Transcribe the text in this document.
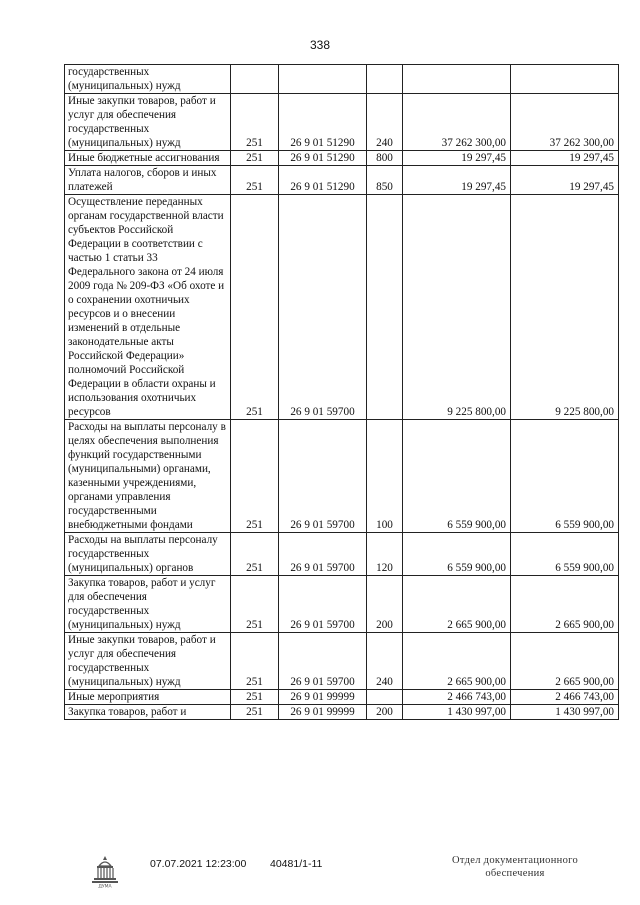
338
государственных
(муниципальных) нужд					
Иные закупки товаров, работ и услуг для обеспечения государственных (муниципальных) нужд	251	26 9 01 51290	240	37 262 300,00	37 262 300,00
Иные бюджетные ассигнования	251	26 9 01 51290	800	19 297,45	19 297,45
Уплата налогов, сборов и иных платежей	251	26 9 01 51290	850	19 297,45	19 297,45
Осуществление переданных органам государственной власти субъектов Российской Федерации в соответствии с частью 1 статьи 33 Федерального закона от 24 июля 2009 года № 209-ФЗ «Об охоте и о сохранении охотничьих ресурсов и о внесении изменений в отдельные законодательные акты Российской Федерации» полномочий Российской Федерации в области охраны и использования охотничьих ресурсов	251	26 9 01 59700		9 225 800,00	9 225 800,00
Расходы на выплаты персоналу в целях обеспечения выполнения функций государственными (муниципальными) органами, казенными учреждениями, органами управления государственными внебюджетными фондами	251	26 9 01 59700	100	6 559 900,00	6 559 900,00
Расходы на выплаты персоналу государственных (муниципальных) органов	251	26 9 01 59700	120	6 559 900,00	6 559 900,00
Закупка товаров, работ и услуг для обеспечения государственных (муниципальных) нужд	251	26 9 01 59700	200	2 665 900,00	2 665 900,00
Иные закупки товаров, работ и услуг для обеспечения государственных (муниципальных) нужд	251	26 9 01 59700	240	2 665 900,00	2 665 900,00
Иные мероприятия	251	26 9 01 99999		2 466 743,00	2 466 743,00
Закупка товаров, работ и	251	26 9 01 99999	200	1 430 997,00	1 430 997,00
ДУМА
07.07.2021 12:23:00 40481/1-11	Отдел документационного
обеспечения
